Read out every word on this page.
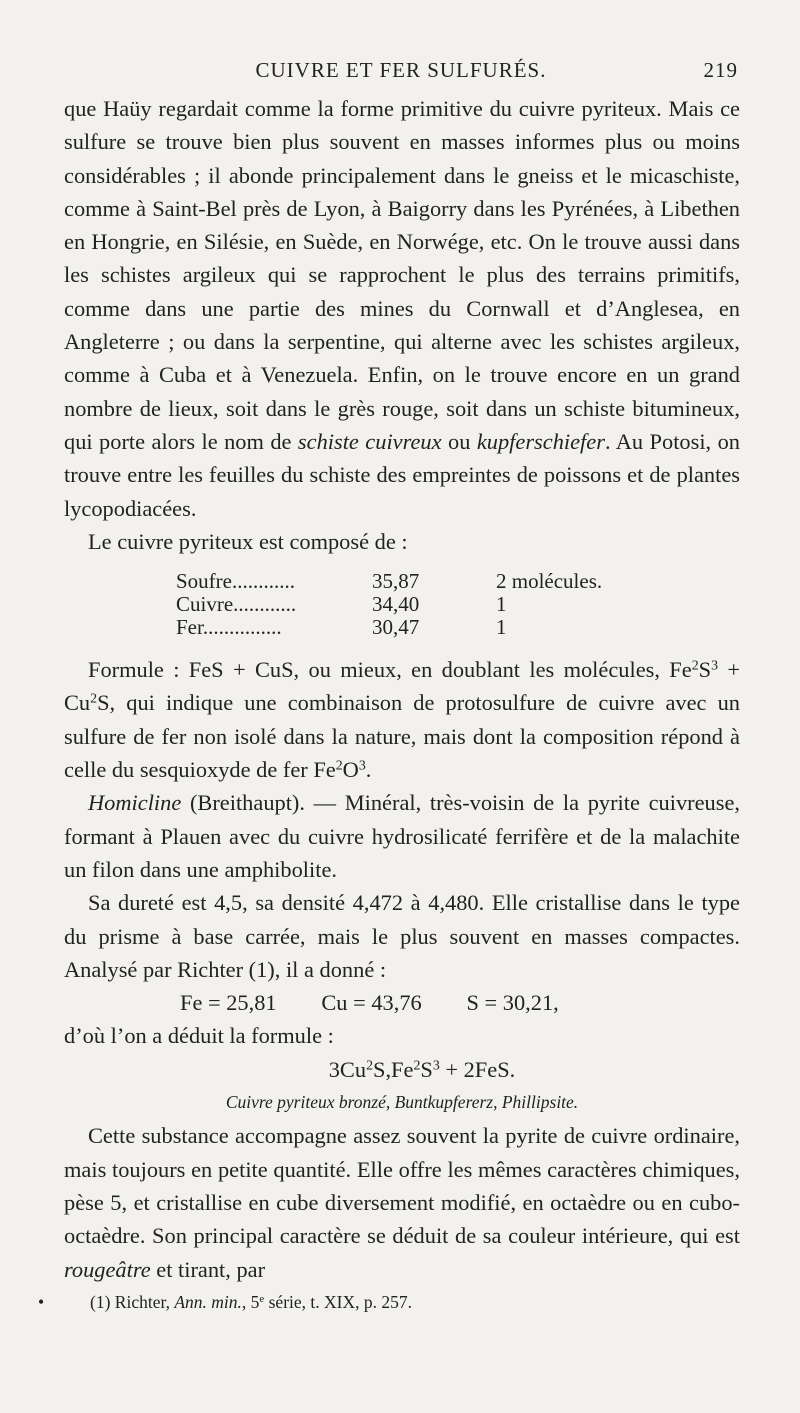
CUIVRE ET FER SULFURÉS.	219

que Haüy regardait comme la forme primitive du cuivre pyriteux. Mais ce sulfure se trouve bien plus souvent en masses informes plus ou moins considérables ; il abonde principalement dans le gneiss et le micaschiste, comme à Saint-Bel près de Lyon, à Baigorry dans les Pyrénées, à Libethen en Hongrie, en Silésie, en Suède, en Norwége, etc. On le trouve aussi dans les schistes argileux qui se rapprochent le plus des terrains primitifs, comme dans une partie des mines du Cornwall et d’Anglesea, en Angleterre ; ou dans la serpentine, qui alterne avec les schistes argileux, comme à Cuba et à Venezuela. Enfin, on le trouve encore en un grand nombre de lieux, soit dans le grès rouge, soit dans un schiste bitumineux, qui porte alors le nom de schiste cuivreux ou kupferschiefer. Au Potosi, on trouve entre les feuilles du schiste des empreintes de poissons et de plantes lycopodiacées.

Le cuivre pyriteux est composé de :

Soufre............	35,87	2 molécules.
Cuivre............	34,40	1
Fer...............	30,47	1

Formule : FeS + CuS, ou mieux, en doublant les molécules, $Fe^2S^3 + Cu^2S$, qui indique une combinaison de protosulfure de cuivre avec un sulfure de fer non isolé dans la nature, mais dont la composition répond à celle du sesquioxyde de fer $Fe^2O^3$.

Homicline (Breithaupt). — Minéral, très-voisin de la pyrite cuivreuse, formant à Plauen avec du cuivre hydrosilicaté ferrifère et de la malachite un filon dans une amphibolite.

Sa dureté est 4,5, sa densité 4,472 à 4,480. Elle cristallise dans le type du prisme à base carrée, mais le plus souvent en masses compactes. Analysé par Richter (1), il a donné :

Fe = 25,81        Cu = 43,76        S = 30,21,

d’où l’on a déduit la formule :

$3Cu^2S,Fe^2S^3 + 2FeS$.

Cuivre pyriteux bronzé, Buntkupfererz, Phillipsite.

Cette substance accompagne assez souvent la pyrite de cuivre ordinaire, mais toujours en petite quantité. Elle offre les mêmes caractères chimiques, pèse 5, et cristallise en cube diversement modifié, en octaèdre ou en cubo-octaèdre. Son principal caractère se déduit de sa couleur intérieure, qui est rougeâtre et tirant, par

•	(1) Richter, Ann. min., 5e série, t. XIX, p. 257.
